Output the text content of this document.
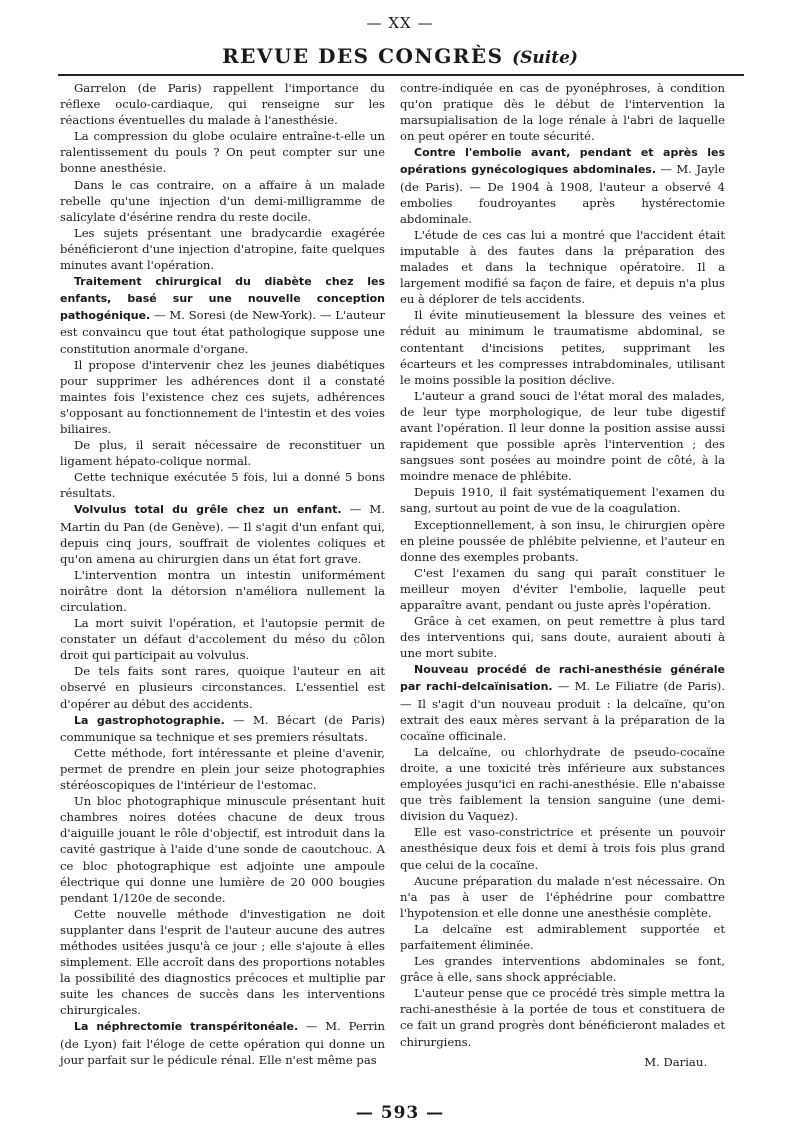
— XX —
REVUE DES CONGRÈS (Suite)

Garrelon (de Paris) rappellent l'importance du réflexe oculo-cardiaque, qui renseigne sur les réactions éventuelles du malade à l'anesthésie.

La compression du globe oculaire entraîne-t-elle un ralentissement du pouls ? On peut compter sur une bonne anesthésie.

Dans le cas contraire, on a affaire à un malade rebelle qu'une injection d'un demi-milligramme de salicylate d'ésérine rendra du reste docile.

Les sujets présentant une bradycardie exagérée bénéficieront d'une injection d'atropine, faite quelques minutes avant l'opération.

Traitement chirurgical du diabète chez les enfants, basé sur une nouvelle conception pathogénique. — M. Soresi (de New-York). — L'auteur est convaincu que tout état pathologique suppose une constitution anormale d'organe.

Il propose d'intervenir chez les jeunes diabétiques pour supprimer les adhérences dont il a constaté maintes fois l'existence chez ces sujets, adhérences s'opposant au fonctionnement de l'intestin et des voies biliaires.

De plus, il serait nécessaire de reconstituer un ligament hépato-colique normal.

Cette technique exécutée 5 fois, lui a donné 5 bons résultats.

Volvulus total du grêle chez un enfant. — M. Martin du Pan (de Genève). — Il s'agit d'un enfant qui, depuis cinq jours, souffrait de violentes coliques et qu'on amena au chirurgien dans un état fort grave.

L'intervention montra un intestin uniformément noirâtre dont la détorsion n'améliora nullement la circulation.

La mort suivit l'opération, et l'autopsie permit de constater un défaut d'accolement du méso du côlon droit qui participait au volvulus.

De tels faits sont rares, quoique l'auteur en ait observé en plusieurs circonstances. L'essentiel est d'opérer au début des accidents.

La gastrophotographie. — M. Bécart (de Paris) communique sa technique et ses premiers résultats.

Cette méthode, fort intéressante et pleine d'avenir, permet de prendre en plein jour seize photographies stéréoscopiques de l'intérieur de l'estomac.

Un bloc photographique minuscule présentant huit chambres noires dotées chacune de deux trous d'aiguille jouant le rôle d'objectif, est introduit dans la cavité gastrique à l'aide d'une sonde de caoutchouc. A ce bloc photographique est adjointe une ampoule électrique qui donne une lumière de 20 000 bougies pendant 1/120e de seconde.

Cette nouvelle méthode d'investigation ne doit supplanter dans l'esprit de l'auteur aucune des autres méthodes usitées jusqu'à ce jour ; elle s'ajoute à elles simplement. Elle accroît dans des proportions notables la possibilité des diagnostics précoces et multiplie par suite les chances de succès dans les interventions chirurgicales.

La néphrectomie transpéritonéale. — M. Perrin (de Lyon) fait l'éloge de cette opération qui donne un jour parfait sur le pédicule rénal. Elle n'est même pas

contre-indiquée en cas de pyonéphroses, à condition qu'on pratique dès le début de l'intervention la marsupialisation de la loge rénale à l'abri de laquelle on peut opérer en toute sécurité.

Contre l'embolie avant, pendant et après les opérations gynécologiques abdominales. — M. Jayle (de Paris). — De 1904 à 1908, l'auteur a observé 4 embolies foudroyantes après hystérectomie abdominale.

L'étude de ces cas lui a montré que l'accident était imputable à des fautes dans la préparation des malades et dans la technique opératoire. Il a largement modifié sa façon de faire, et depuis n'a plus eu à déplorer de tels accidents.

Il évite minutieusement la blessure des veines et réduit au minimum le traumatisme abdominal, se contentant d'incisions petites, supprimant les écarteurs et les compresses intrabdominales, utilisant le moins possible la position déclive.

L'auteur a grand souci de l'état moral des malades, de leur type morphologique, de leur tube digestif avant l'opération. Il leur donne la position assise aussi rapidement que possible après l'intervention ; des sangsues sont posées au moindre point de côté, à la moindre menace de phlébite.

Depuis 1910, il fait systématiquement l'examen du sang, surtout au point de vue de la coagulation.

Exceptionnellement, à son insu, le chirurgien opère en pleine poussée de phlébite pelvienne, et l'auteur en donne des exemples probants.

C'est l'examen du sang qui paraît constituer le meilleur moyen d'éviter l'embolie, laquelle peut apparaître avant, pendant ou juste après l'opération.

Grâce à cet examen, on peut remettre à plus tard des interventions qui, sans doute, auraient abouti à une mort subite.

Nouveau procédé de rachi-anesthésie générale par rachi-delcaïnisation. — M. Le Filiatre (de Paris). — Il s'agit d'un nouveau produit : la delcaïne, qu'on extrait des eaux mères servant à la préparation de la cocaïne officinale.

La delcaïne, ou chlorhydrate de pseudo-cocaïne droite, a une toxicité très inférieure aux substances employées jusqu'ici en rachi-anesthésie. Elle n'abaisse que très faiblement la tension sanguine (une demi-division du Vaquez).

Elle est vaso-constrictrice et présente un pouvoir anesthésique deux fois et demi à trois fois plus grand que celui de la cocaïne.

Aucune préparation du malade n'est nécessaire. On n'a pas à user de l'éphédrine pour combattre l'hypotension et elle donne une anesthésie complète.

La delcaïne est admirablement supportée et parfaitement éliminée.

Les grandes interventions abdominales se font, grâce à elle, sans shock appréciable.

L'auteur pense que ce procédé très simple mettra la rachi-anesthésie à la portée de tous et constituera de ce fait un grand progrès dont bénéficieront malades et chirurgiens.

M. Dariau.

— 593 —
